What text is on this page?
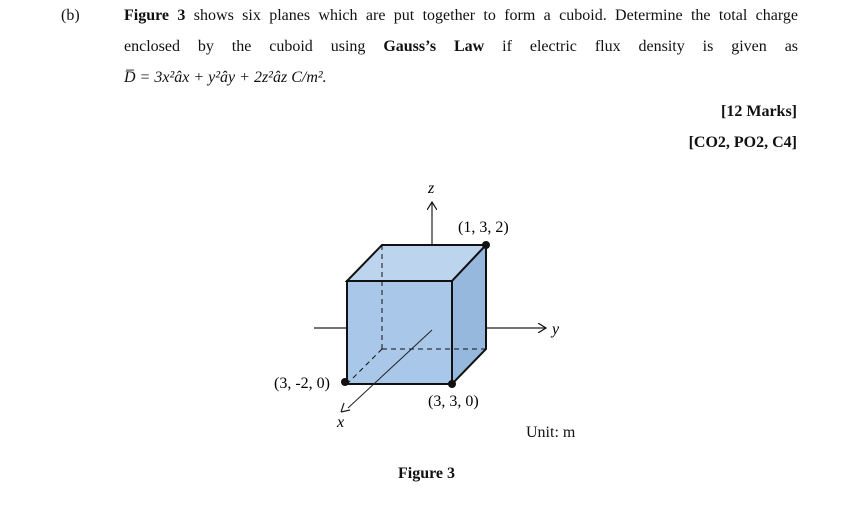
(b)	Figure 3 shows six planes which are put together to form a cuboid. Determine the total charge
enclosed by the cuboid using Gauss’s Law if electric flux density is given as
D̅ = 3x²âx + y²ây + 2z²âz C/m².
[12 Marks]
[CO2, PO2, C4]
z
y
x
(1, 3, 2)
(3, -2, 0)
(3, 3, 0)
Unit: m
Figure 3
